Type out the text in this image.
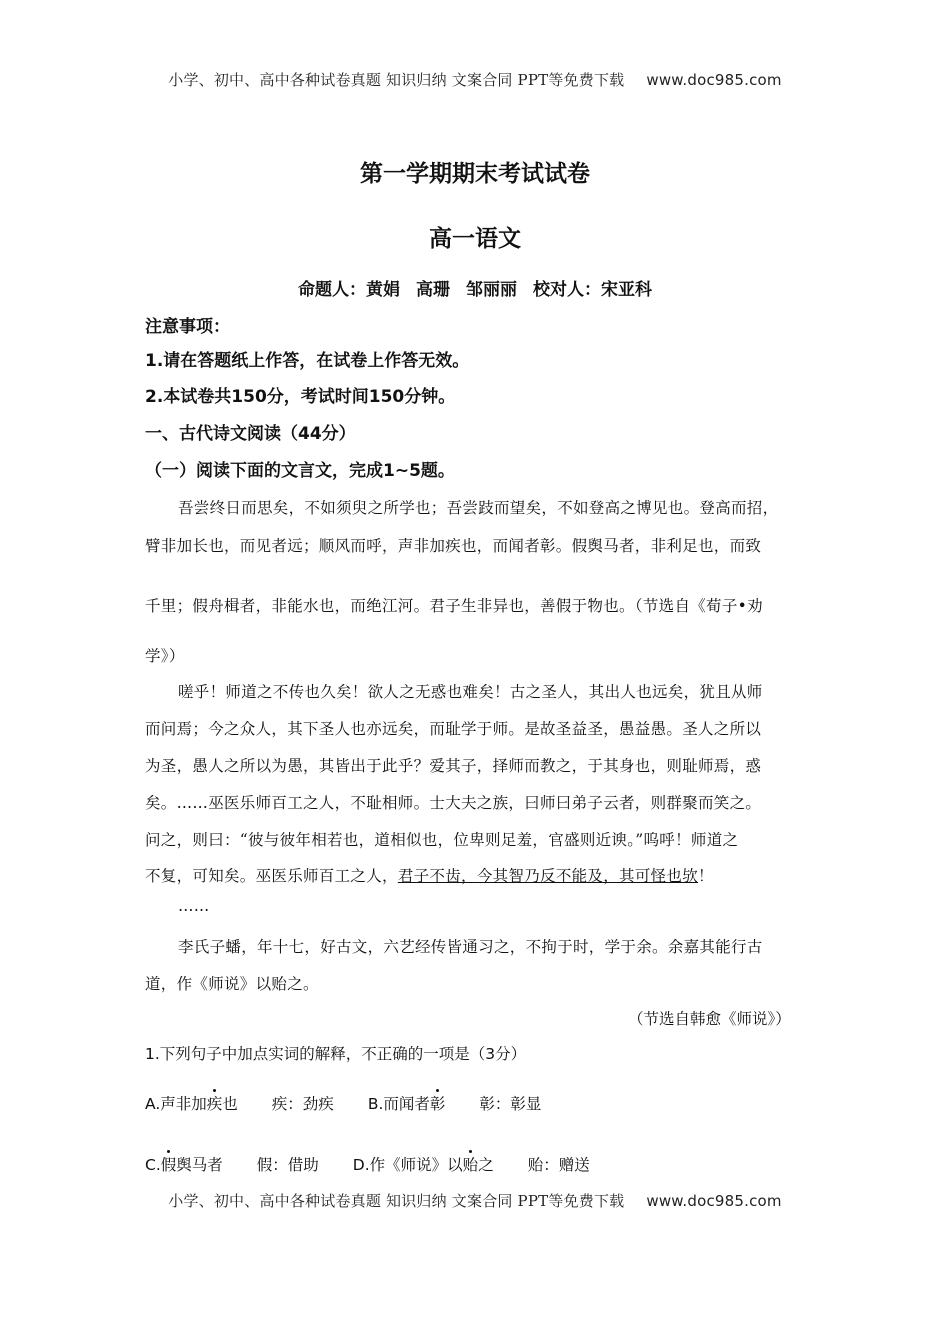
小学、初中、高中各种试卷真题 知识归纳 文案合同 PPT等免费下载 www.doc985.com
第一学期期末考试试卷
高一语文
命题人：黄娟 高珊 邹丽丽 校对人：宋亚科
注意事项：
1.请在答题纸上作答，在试卷上作答无效。
2.本试卷共150分，考试时间150分钟。
一、古代诗文阅读（44分）
（一）阅读下面的文言文，完成1~5题。
吾尝终日而思矣，不如须臾之所学也；吾尝跂而望矣，不如登高之博见也。登高而招，
臂非加长也，而见者远；顺风而呼，声非加疾也，而闻者彰。假舆马者，非利足也，而致
千里；假舟楫者，非能水也，而绝江河。君子生非异也，善假于物也。（节选自《荀子•劝
学》）
嗟乎！师道之不传也久矣！欲人之无惑也难矣！古之圣人，其出人也远矣，犹且从师
而问焉；今之众人，其下圣人也亦远矣，而耻学于师。是故圣益圣，愚益愚。圣人之所以
为圣，愚人之所以为愚，其皆出于此乎？爱其子，择师而教之，于其身也，则耻师焉，惑
矣。……巫医乐师百工之人，不耻相师。士大夫之族，曰师曰弟子云者，则群聚而笑之。
问之，则曰：“彼与彼年相若也，道相似也，位卑则足羞，官盛则近谀。”呜呼！师道之
不复，可知矣。巫医乐师百工之人，君子不齿，今其智乃反不能及，其可怪也欤！
……
李氏子蟠，年十七，好古文，六艺经传皆通习之，不拘于时，学于余。余嘉其能行古
道，作《师说》以贻之。
（节选自韩愈《师说》）
1.下列句子中加点实词的解释，不正确的一项是（3分）
A.声非加疾也 疾：劲疾 B.而闻者彰 彰：彰显
C.假舆马者 假：借助 D.作《师说》以贻之 贻：赠送
小学、初中、高中各种试卷真题 知识归纳 文案合同 PPT等免费下载 www.doc985.com
